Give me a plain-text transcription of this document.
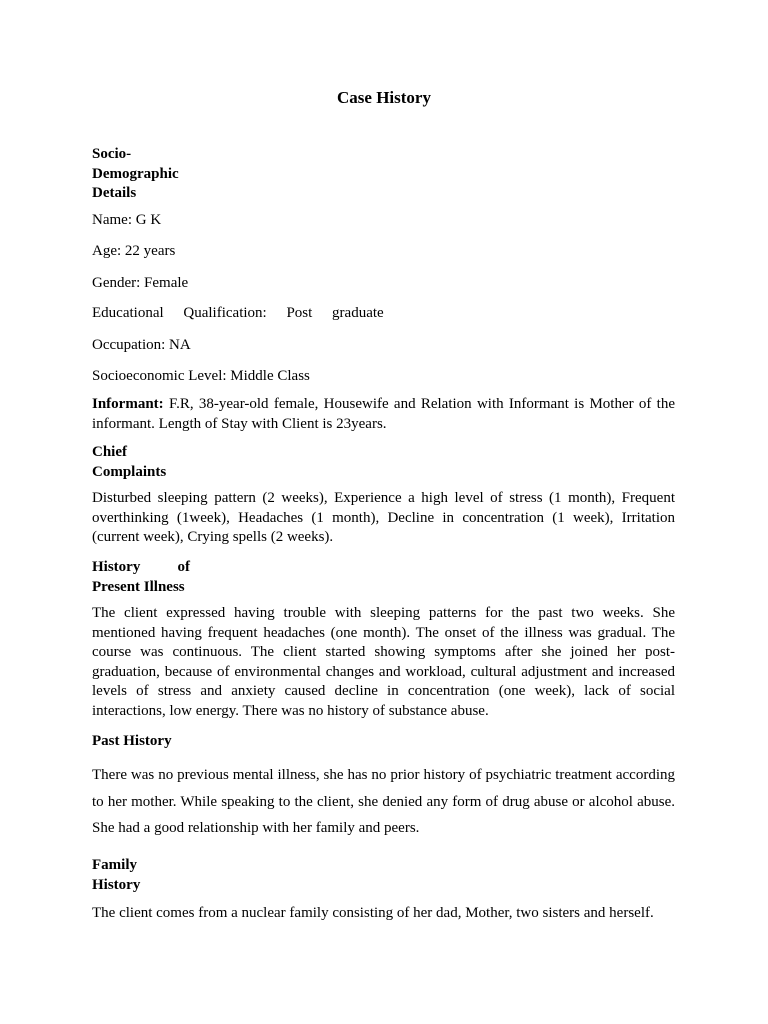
Case History
Socio-
Demographic
Details
Name: G K
Age: 22 years
Gender: Female
Educational Qualification: Post graduate
Occupation: NA
Socioeconomic Level: Middle Class
Informant: F.R, 38-year-old female, Housewife and Relation with Informant is Mother of the informant. Length of Stay with Client is 23years.
Chief
Complaints
Disturbed sleeping pattern (2 weeks), Experience a high level of stress (1 month), Frequent overthinking (1week), Headaches (1 month), Decline in concentration (1 week), Irritation (current week), Crying spells (2 weeks).
History of
Present Illness
The client expressed having trouble with sleeping patterns for the past two weeks. She mentioned having frequent headaches (one month). The onset of the illness was gradual. The course was continuous. The client started showing symptoms after she joined her post-graduation, because of environmental changes and workload, cultural adjustment and increased levels of stress and anxiety caused decline in concentration (one week), lack of social interactions, low energy. There was no history of substance abuse.
Past History
There was no previous mental illness, she has no prior history of psychiatric treatment according to her mother. While speaking to the client, she denied any form of drug abuse or alcohol abuse. She had a good relationship with her family and peers.
Family
History
The client comes from a nuclear family consisting of her dad, Mother, two sisters and herself.
